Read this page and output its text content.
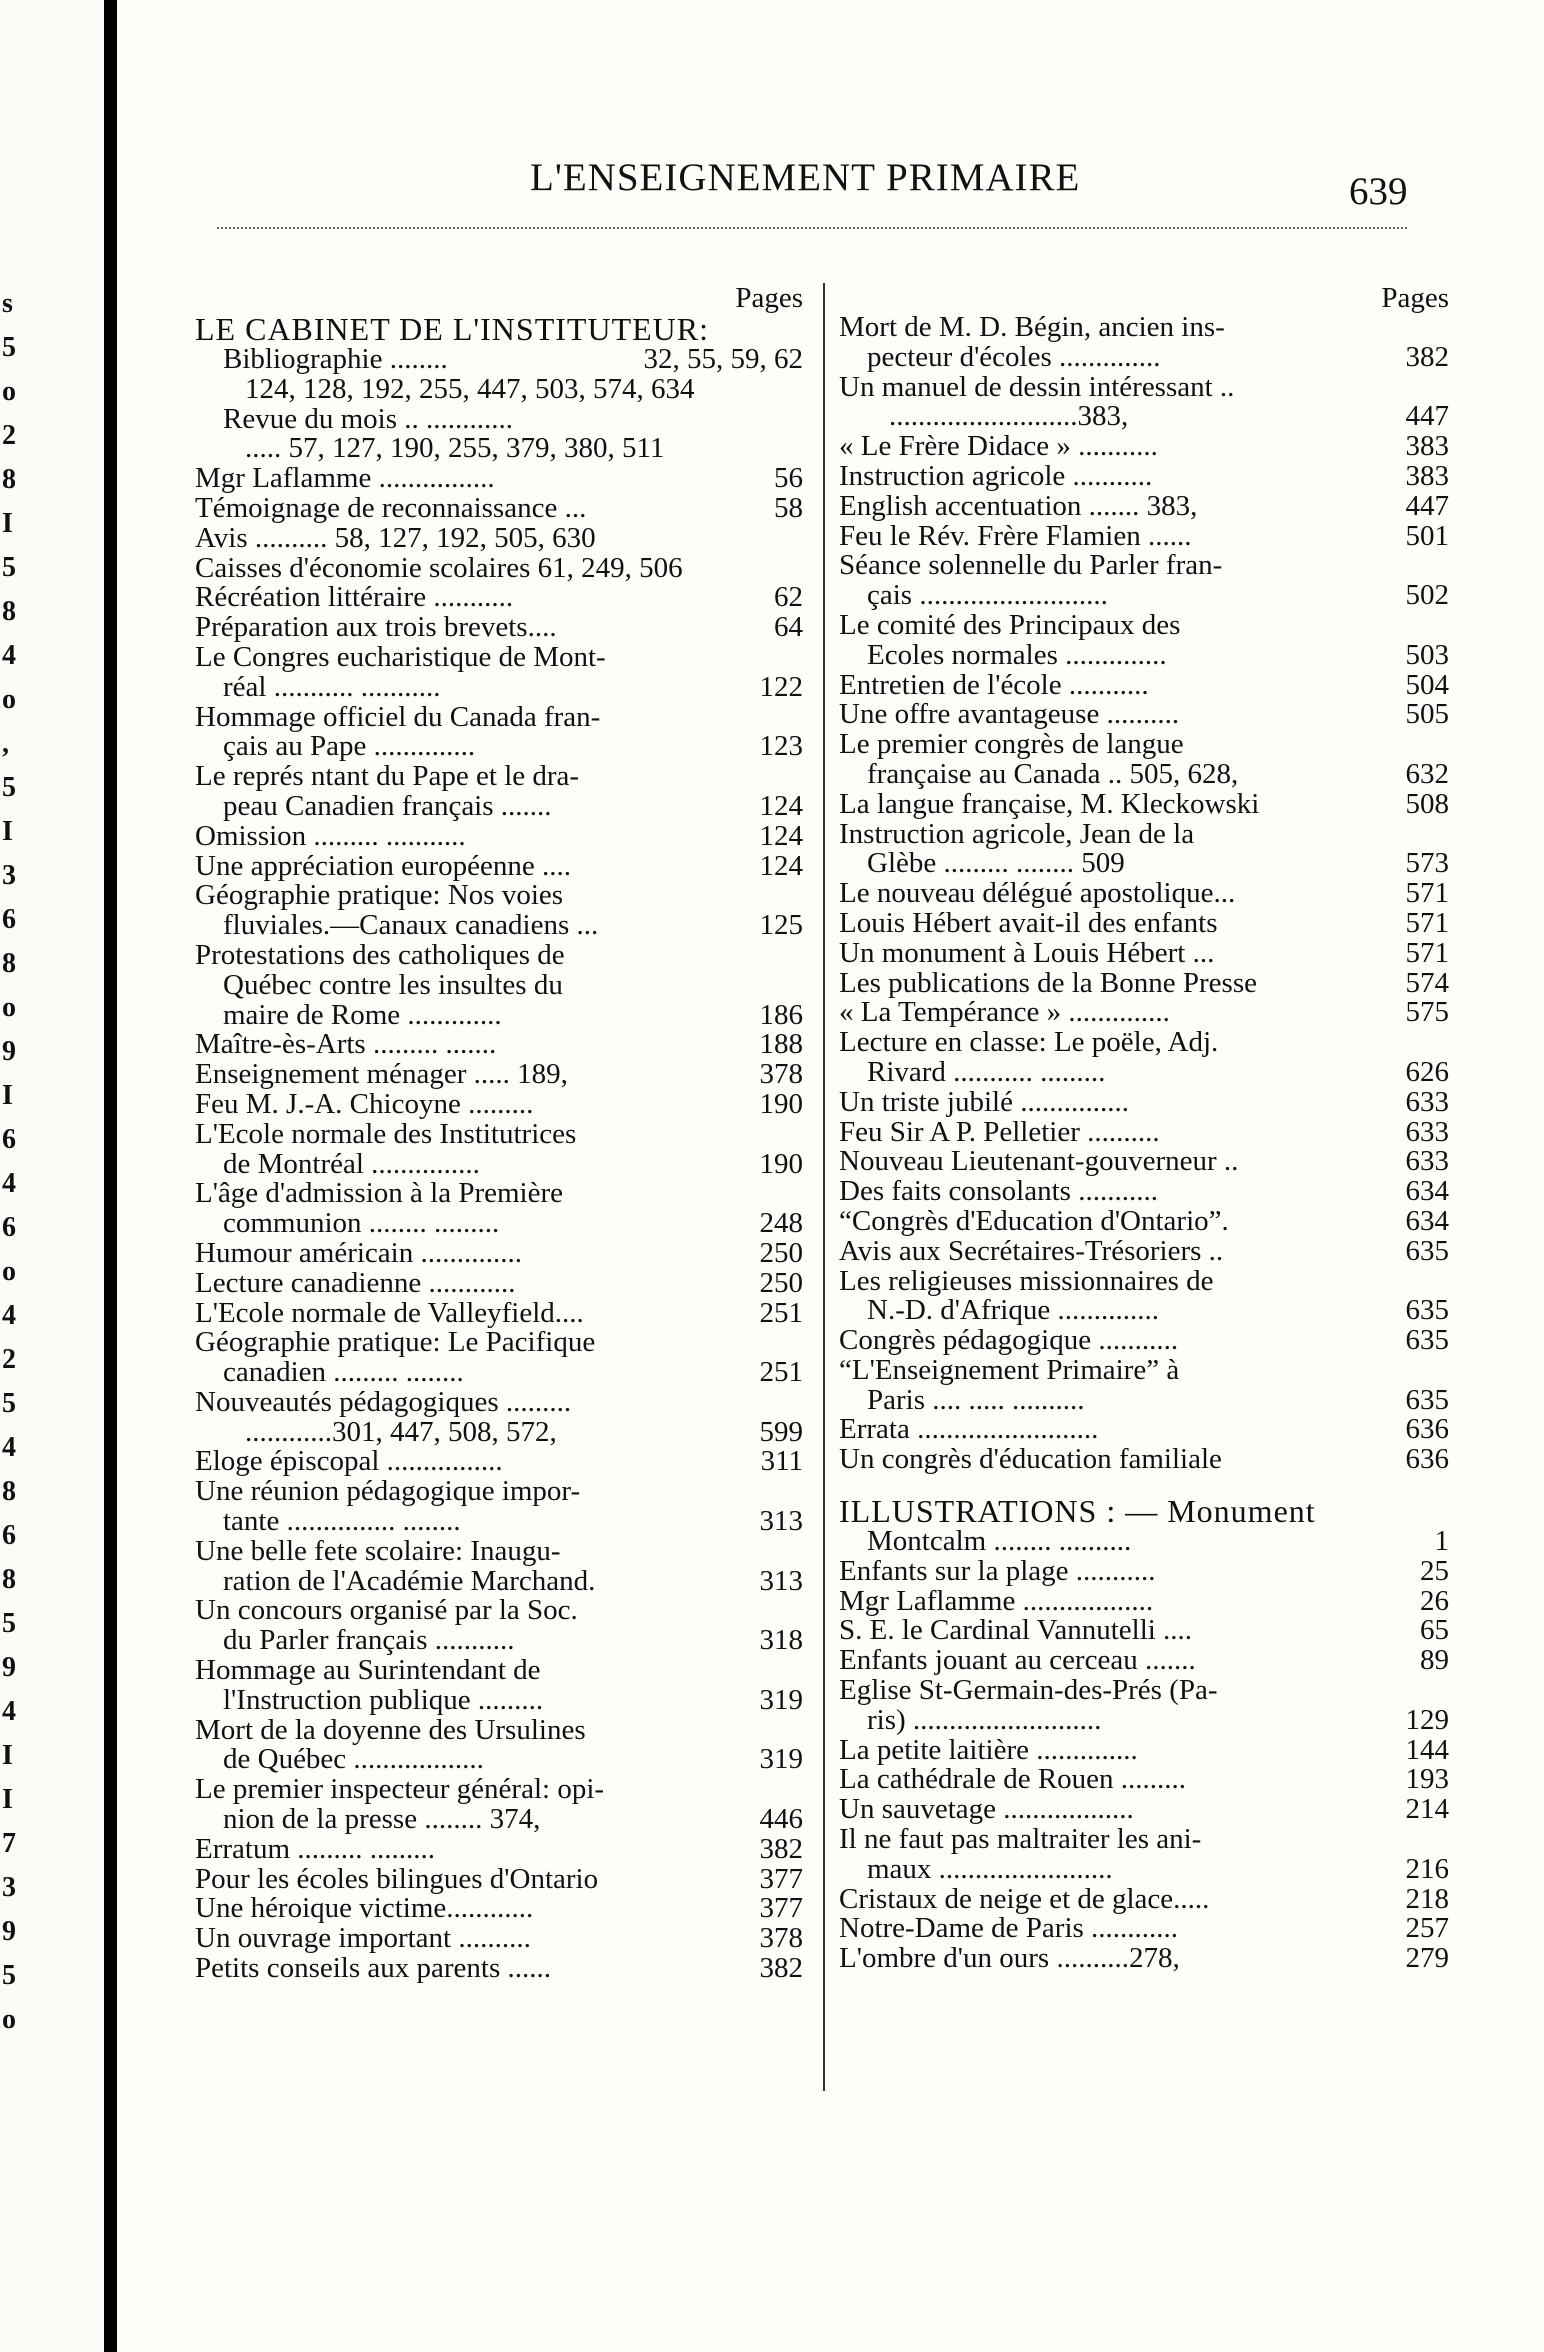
s
5
o
2
8
I
5
8
4
o
,
5
I
3
6
8
o
9
I
6
4
6
o
4
2
5
4
8
6
8
5
9
4
I
I
7
3
9
5
o
L'ENSEIGNEMENT PRIMAIRE	639
Pages
LE CABINET DE L'INSTITUTEUR:
Bibliographie ........	32, 55, 59, 62
124, 128, 192, 255, 447, 503, 574, 634
Revue du mois .. ............
..... 57, 127, 190, 255, 379, 380, 511
Mgr Laflamme ................	56
Témoignage de reconnaissance ...	58
Avis .......... 58, 127, 192, 505, 630
Caisses d'économie scolaires 61, 249, 506
Récréation littéraire ...........	62
Préparation aux trois brevets....	64
Le Congres eucharistique de Mont-
réal ........... ...........	122
Hommage officiel du Canada fran-
çais au Pape ..............	123
Le représ ntant du Pape et le dra-
peau Canadien français .......	124
Omission ......... ...........	124
Une appréciation européenne ....	124
Géographie pratique: Nos voies
fluviales.—Canaux canadiens ...	125
Protestations des catholiques de
Québec contre les insultes du
maire de Rome .............	186
Maître-ès-Arts ......... .......	188
Enseignement ménager ..... 189,	378
Feu M. J.-A. Chicoyne .........	190
L'Ecole normale des Institutrices
de Montréal ...............	190
L'âge d'admission à la Première
communion ........ .........	248
Humour américain ..............	250
Lecture canadienne ............	250
L'Ecole normale de Valleyfield....	251
Géographie pratique: Le Pacifique
canadien ......... ........	251
Nouveautés pédagogiques .........
............301, 447, 508, 572,	599
Eloge épiscopal ................	311
Une réunion pédagogique impor-
tante ............... ........	313
Une belle fete scolaire: Inaugu-
ration de l'Académie Marchand.	313
Un concours organisé par la Soc.
du Parler français ...........	318
Hommage au Surintendant de
l'Instruction publique .........	319
Mort de la doyenne des Ursulines
de Québec ..................	319
Le premier inspecteur général: opi-
nion de la presse ........ 374,	446
Erratum ......... .........	382
Pour les écoles bilingues d'Ontario	377
Une héroique victime............	377
Un ouvrage important ..........	378
Petits conseils aux parents ......	382
Pages
Mort de M. D. Bégin, ancien ins-
pecteur d'écoles ..............	382
Un manuel de dessin intéressant ..
..........................383,	447
« Le Frère Didace » ...........	383
Instruction agricole ...........	383
English accentuation ....... 383,	447
Feu le Rév. Frère Flamien ......	501
Séance solennelle du Parler fran-
çais ..........................	502
Le comité des Principaux des
Ecoles normales ..............	503
Entretien de l'école ...........	504
Une offre avantageuse ..........	505
Le premier congrès de langue
française au Canada .. 505, 628,	632
La langue française, M. Kleckowski	508
Instruction agricole, Jean de la
Glèbe ......... ........ 509	573
Le nouveau délégué apostolique...	571
Louis Hébert avait-il des enfants	571
Un monument à Louis Hébert ...	571
Les publications de la Bonne Presse	574
« La Tempérance » ..............	575
Lecture en classe: Le poële, Adj.
Rivard ........... .........	626
Un triste jubilé ...............	633
Feu Sir A P. Pelletier ..........	633
Nouveau Lieutenant-gouverneur ..	633
Des faits consolants ...........	634
“Congrès d'Education d'Ontario”.	634
Avis aux Secrétaires-Trésoriers ..	635
Les religieuses missionnaires de
N.-D. d'Afrique ..............	635
Congrès pédagogique ...........	635
“L'Enseignement Primaire” à
Paris .... ..... ..........	635
Errata .........................	636
Un congrès d'éducation familiale	636
ILLUSTRATIONS : — Monument
Montcalm ........ ..........	1
Enfants sur la plage ...........	25
Mgr Laflamme ..................	26
S. E. le Cardinal Vannutelli ....	65
Enfants jouant au cerceau .......	89
Eglise St-Germain-des-Prés (Pa-
ris) ..........................	129
La petite laitière ..............	144
La cathédrale de Rouen .........	193
Un sauvetage ..................	214
Il ne faut pas maltraiter les ani-
maux ........................	216
Cristaux de neige et de glace.....	218
Notre-Dame de Paris ............	257
L'ombre d'un ours ..........278,	279
